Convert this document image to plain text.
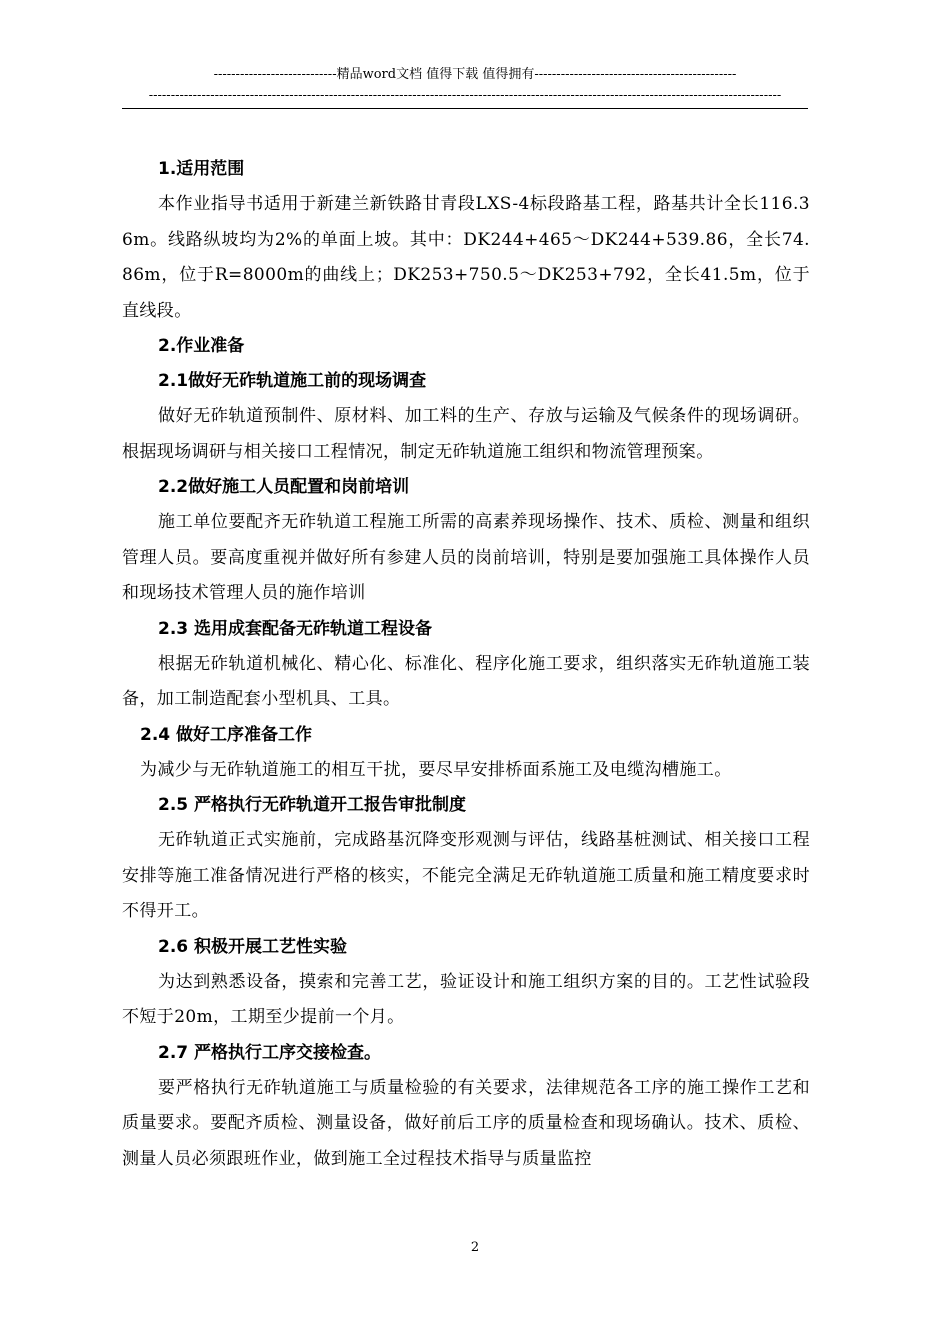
----------------------------精品word文档 值得下载 值得拥有----------------------------------------------
------------------------------------------------------------------------------------------------------------------------------------------------
1.适用范围
本作业指导书适用于新建兰新铁路甘青段LXS-4标段路基工程，路基共计全长116.36m。线路纵坡均为2%的单面上坡。其中：DK244+465～DK244+539.86，全长74.86m，位于R=8000m的曲线上；DK253+750.5～DK253+792，全长41.5m，位于直线段。
2.作业准备
2.1做好无砟轨道施工前的现场调查
做好无砟轨道预制件、原材料、加工料的生产、存放与运输及气候条件的现场调研。根据现场调研与相关接口工程情况，制定无砟轨道施工组织和物流管理预案。
2.2做好施工人员配置和岗前培训
施工单位要配齐无砟轨道工程施工所需的高素养现场操作、技术、质检、测量和组织管理人员。要高度重视并做好所有参建人员的岗前培训，特别是要加强施工具体操作人员和现场技术管理人员的施作培训
2.3 选用成套配备无砟轨道工程设备
根据无砟轨道机械化、精心化、标准化、程序化施工要求，组织落实无砟轨道施工装备，加工制造配套小型机具、工具。
2.4 做好工序准备工作
为减少与无砟轨道施工的相互干扰，要尽早安排桥面系施工及电缆沟槽施工。
2.5 严格执行无砟轨道开工报告审批制度
无砟轨道正式实施前，完成路基沉降变形观测与评估，线路基桩测试、相关接口工程安排等施工准备情况进行严格的核实，不能完全满足无砟轨道施工质量和施工精度要求时不得开工。
2.6 积极开展工艺性实验
为达到熟悉设备，摸索和完善工艺，验证设计和施工组织方案的目的。工艺性试验段不短于20m，工期至少提前一个月。
2.7 严格执行工序交接检查。
要严格执行无砟轨道施工与质量检验的有关要求，法律规范各工序的施工操作工艺和质量要求。要配齐质检、测量设备，做好前后工序的质量检查和现场确认。技术、质检、测量人员必须跟班作业，做到施工全过程技术指导与质量监控
2
